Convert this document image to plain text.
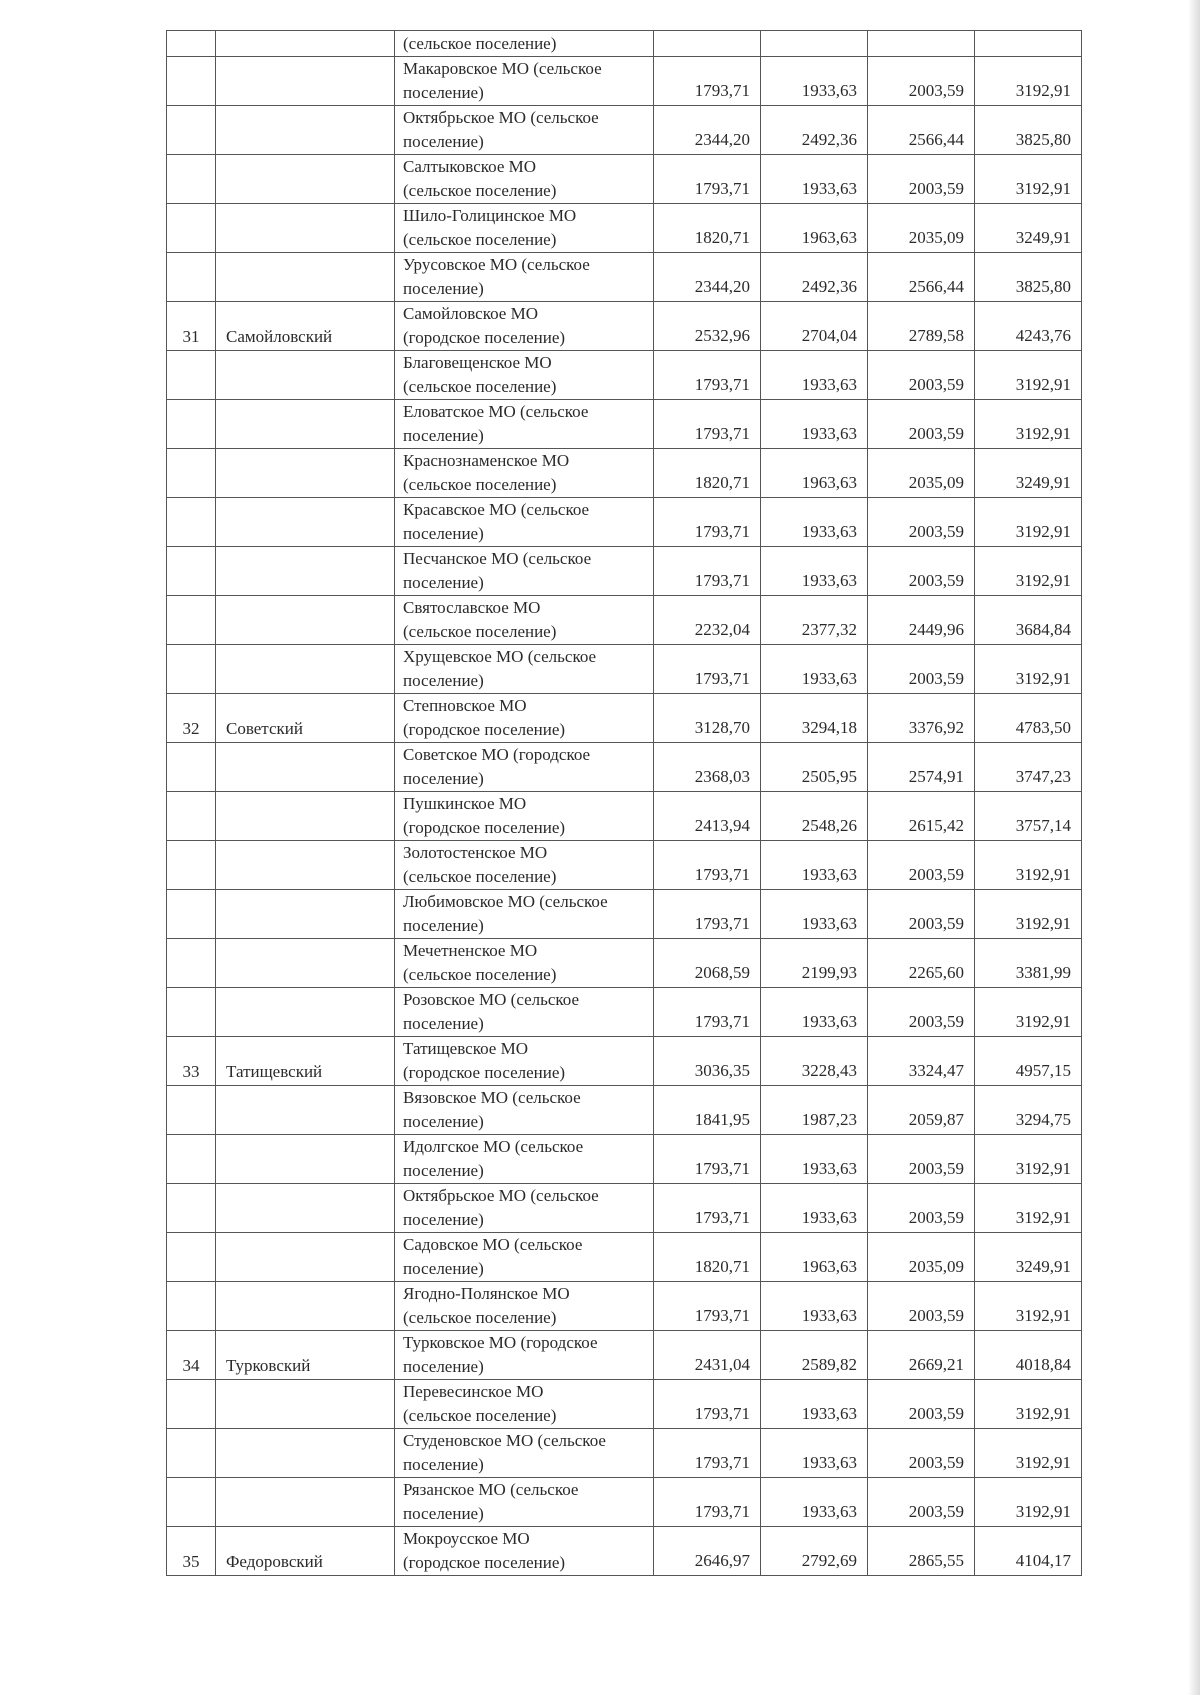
		(сельское поселение)				

		Макаровское МО (сельское
поселение)	1793,71	1933,63	2003,59	3192,91

		Октябрьское МО (сельское
поселение)	2344,20	2492,36	2566,44	3825,80

		Салтыковское МО
(сельское поселение)	1793,71	1933,63	2003,59	3192,91

		Шило-Голицинское МО
(сельское поселение)	1820,71	1963,63	2035,09	3249,91

		Урусовское МО (сельское
поселение)	2344,20	2492,36	2566,44	3825,80
31	Самойловский	Самойловское МО
(городское поселение)	2532,96	2704,04	2789,58	4243,76

		Благовещенское МО
(сельское поселение)	1793,71	1933,63	2003,59	3192,91

		Еловатское МО (сельское
поселение)	1793,71	1933,63	2003,59	3192,91

		Краснознаменское МО
(сельское поселение)	1820,71	1963,63	2035,09	3249,91

		Красавское МО (сельское
поселение)	1793,71	1933,63	2003,59	3192,91

		Песчанское МО (сельское
поселение)	1793,71	1933,63	2003,59	3192,91

		Святославское МО
(сельское поселение)	2232,04	2377,32	2449,96	3684,84

		Хрущевское МО (сельское
поселение)	1793,71	1933,63	2003,59	3192,91
32	Советский	Степновское МО
(городское поселение)	3128,70	3294,18	3376,92	4783,50

		Советское МО (городское
поселение)	2368,03	2505,95	2574,91	3747,23

		Пушкинское МО
(городское поселение)	2413,94	2548,26	2615,42	3757,14

		Золотостенское МО
(сельское поселение)	1793,71	1933,63	2003,59	3192,91

		Любимовское МО (сельское
поселение)	1793,71	1933,63	2003,59	3192,91

		Мечетненское МО
(сельское поселение)	2068,59	2199,93	2265,60	3381,99

		Розовское МО (сельское
поселение)	1793,71	1933,63	2003,59	3192,91
33	Татищевский	Татищевское МО
(городское поселение)	3036,35	3228,43	3324,47	4957,15

		Вязовское МО (сельское
поселение)	1841,95	1987,23	2059,87	3294,75

		Идолгское МО (сельское
поселение)	1793,71	1933,63	2003,59	3192,91

		Октябрьское МО (сельское
поселение)	1793,71	1933,63	2003,59	3192,91

		Садовское МО (сельское
поселение)	1820,71	1963,63	2035,09	3249,91

		Ягодно-Полянское МО
(сельское поселение)	1793,71	1933,63	2003,59	3192,91
34	Турковский	Турковское МО (городское
поселение)	2431,04	2589,82	2669,21	4018,84

		Перевесинское МО
(сельское поселение)	1793,71	1933,63	2003,59	3192,91

		Студеновское МО (сельское
поселение)	1793,71	1933,63	2003,59	3192,91

		Рязанское МО (сельское
поселение)	1793,71	1933,63	2003,59	3192,91
35	Федоровский	Мокроусское МО
(городское поселение)	2646,97	2792,69	2865,55	4104,17
